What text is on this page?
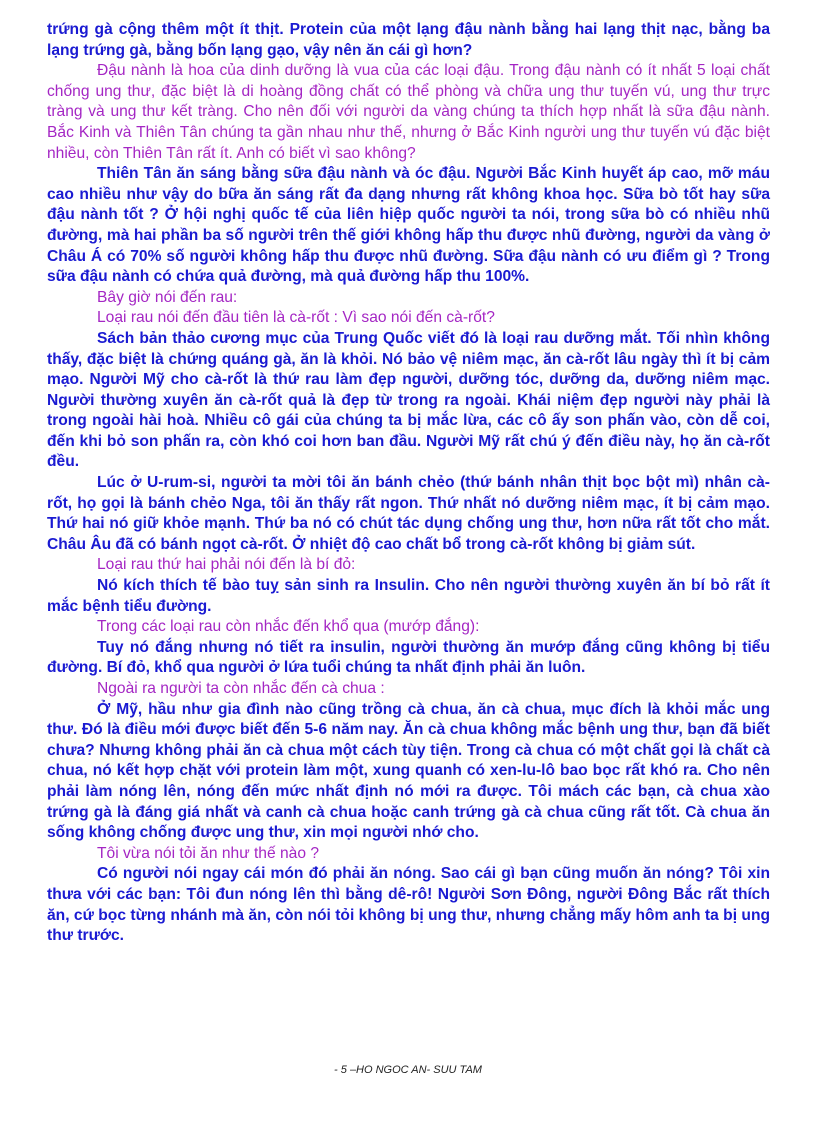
trứng gà cộng thêm một ít thịt. Protein của một lạng đậu nành bằng hai lạng thịt nạc, bằng ba lạng trứng gà, bằng bốn lạng gạo, vậy nên ăn cái gì hơn?

Đậu nành là hoa của dinh dưỡng là vua của các loại đậu. Trong đậu nành có ít nhất 5 loại chất chống ung thư, đặc biệt là di hoàng đồng chất có thể phòng và chữa ung thư tuyến vú, ung thư trực tràng và ung thư kết tràng. Cho nên đối với người da vàng chúng ta thích hợp nhất là sữa đậu nành. Bắc Kinh và Thiên Tân chúng ta gần nhau như thế, nhưng ở Bắc Kinh người ung thư tuyến vú đặc biệt nhiều, còn Thiên Tân rất ít. Anh có biết vì sao không?

Thiên Tân ăn sáng bằng sữa đậu nành và óc đậu. Người Bắc Kinh huyết áp cao, mỡ máu cao nhiều như vậy do bữa ăn sáng rất đa dạng nhưng rất không khoa học. Sữa bò tốt hay sữa đậu nành tốt ? Ở hội nghị quốc tế của liên hiệp quốc người ta nói, trong sữa bò có nhiều nhũ đường, mà hai phần ba số người trên thế giới không hấp thu được nhũ đường, người da vàng ở Châu Á có 70% số người không hấp thu được nhũ đường. Sữa đậu nành có ưu điểm gì ? Trong sữa đậu nành có chứa quả đường, mà quả đường hấp thu 100%.

Bây giờ nói đến rau:

Loại rau nói đến đầu tiên là cà-rốt : Vì sao nói đến cà-rốt?

Sách bản thảo cương mục của Trung Quốc viết đó là loại rau dưỡng mắt. Tối nhìn không thấy, đặc biệt là chứng quáng gà, ăn là khỏi. Nó bảo vệ niêm mạc, ăn cà-rốt lâu ngày thì ít bị cảm mạo. Người Mỹ cho cà-rốt là thứ rau làm đẹp người, dưỡng tóc, dưỡng da, dưỡng niêm mạc. Người thường xuyên ăn cà-rốt quả là đẹp từ trong ra ngoài. Khái niệm đẹp người này phải là trong ngoài hài hoà. Nhiều cô gái của chúng ta bị mắc lừa, các cô ấy son phấn vào, còn dễ coi, đến khi bỏ son phấn ra, còn khó coi hơn ban đầu. Người Mỹ rất chú ý đến điều này, họ ăn cà-rốt đều.

Lúc ở U-rum-si, người ta mời tôi ăn bánh chẻo (thứ bánh nhân thịt bọc bột mì) nhân cà-rốt, họ gọi là bánh chẻo Nga, tôi ăn thấy rất ngon. Thứ nhất nó dưỡng niêm mạc, ít bị cảm mạo. Thứ hai nó giữ khỏe mạnh. Thứ ba nó có chút tác dụng chống ung thư, hơn nữa rất tốt cho mắt. Châu Âu đã có bánh ngọt cà-rốt. Ở nhiệt độ cao chất bổ trong cà-rốt không bị giảm sút.

Loại rau thứ hai phải nói đến là bí đỏ:

Nó kích thích tế bào tuỵ sản sinh ra Insulin. Cho nên người thường xuyên ăn bí bỏ rất ít mắc bệnh tiểu đường.

Trong các loại rau còn nhắc đến khổ qua (mướp đắng):

Tuy nó đắng nhưng nó tiết ra insulin, người thường ăn mướp đắng cũng không bị tiểu đường. Bí đỏ, khổ qua người ở lứa tuổi chúng ta nhất định phải ăn luôn.

Ngoài ra người ta còn nhắc đến cà chua :

Ở Mỹ, hầu như gia đình nào cũng trồng cà chua, ăn cà chua, mục đích là khỏi mắc ung thư. Đó là điều mới được biết đến 5-6 năm nay. Ăn cà chua không mắc bệnh ung thư, bạn đã biết chưa? Nhưng không phải ăn cà chua một cách tùy tiện. Trong cà chua có một chất gọi là chất cà chua, nó kết hợp chặt với protein làm một, xung quanh có xen-lu-lô bao bọc rất khó ra. Cho nên phải làm nóng lên, nóng đến mức nhất định nó mới ra được. Tôi mách các bạn, cà chua xào trứng gà là đáng giá nhất và canh cà chua hoặc canh trứng gà cà chua cũng rất tốt. Cà chua ăn sống không chống được ung thư, xin mọi người nhớ cho.

Tôi vừa nói tỏi ăn như thế nào ?

Có người nói ngay cái món đó phải ăn nóng. Sao cái gì bạn cũng muốn ăn nóng? Tôi xin thưa với các bạn: Tôi đun nóng lên thì bằng dê-rô! Người Sơn Đông, người Đông Bắc rất thích ăn, cứ bọc từng nhánh mà ăn, còn nói tỏi không bị ung thư, nhưng chẳng mấy hôm anh ta bị ung thư trước.

- 5 –HO NGOC AN- SUU TAM
